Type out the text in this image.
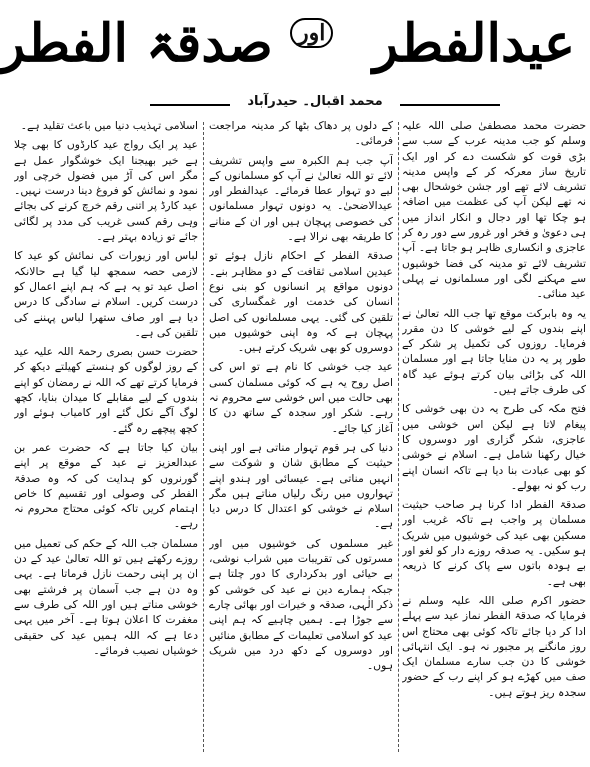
عیدالفطر  صدقۃ الفطر	اور
محمد اقبال۔ حیدرآباد

حضرت محمد مصطفیٰ صلی اللہ علیہ وسلم کو جب مدینہ عرب کے سب سے بڑی قوت کو شکست دے کر اور ایک تاریخ ساز معرکہ کر کے واپس مدینہ تشریف لائے تھے اور جشن خوشحال بھی نہ تھے لیکن آپ کی عظمت میں اضافہ ہو چکا تھا اور دجال و انکار انداز میں ہی دعویٰ و فخر اور غرور سے دور رہ کر عاجزی و انکساری ظاہر ہو جاتا ہے۔ آپ تشریف لائے تو مدینہ کی فضا خوشیوں سے مہکنے لگی اور مسلمانوں نے پہلی عید منائی۔

یہ وہ بابرکت موقع تھا جب اللہ تعالیٰ نے اپنے بندوں کے لیے خوشی کا دن مقرر فرمایا۔ روزوں کی تکمیل پر شکر کے طور پر یہ دن منایا جاتا ہے اور مسلمان اللہ کی بڑائی بیان کرتے ہوئے عید گاہ کی طرف جاتے ہیں۔

فتح مکہ کی طرح یہ دن بھی خوشی کا پیغام لاتا ہے لیکن اس خوشی میں عاجزی، شکر گزاری اور دوسروں کا خیال رکھنا شامل ہے۔ اسلام نے خوشی کو بھی عبادت بنا دیا ہے تاکہ انسان اپنے رب کو نہ بھولے۔

صدقۃ الفطر ادا کرنا ہر صاحب حیثیت مسلمان پر واجب ہے تاکہ غریب اور مسکین بھی عید کی خوشیوں میں شریک ہو سکیں۔ یہ صدقہ روزے دار کو لغو اور بے ہودہ باتوں سے پاک کرنے کا ذریعہ بھی ہے۔

حضور اکرم صلی اللہ علیہ وسلم نے فرمایا کہ صدقۃ الفطر نماز عید سے پہلے ادا کر دیا جائے تاکہ کوئی بھی محتاج اس روز مانگنے پر مجبور نہ ہو۔ ایک انتہائی خوشی کا دن جب سارے مسلمان ایک صف میں کھڑے ہو کر اپنے رب کے حضور سجدہ ریز ہوتے ہیں۔

کے دلوں پر دھاک بٹھا کر مدینہ مراجعت فرمائی۔

آپ جب ہم الکبرہ سے واپس تشریف لائے تو اللہ تعالیٰ نے آپ کو مسلمانوں کے لیے دو تہوار عطا فرمائے۔ عیدالفطر اور عیدالاضحیٰ۔ یہ دونوں تہوار مسلمانوں کی خصوصی پہچان ہیں اور ان کے منانے کا طریقہ بھی نرالا ہے۔

صدقۃ الفطر کے احکام نازل ہوئے تو عیدین اسلامی ثقافت کے دو مظاہر بنے۔ دونوں مواقع پر انسانوں کو بنی نوع انسان کی خدمت اور غمگساری کی تلقین کی گئی۔ یہی مسلمانوں کی اصل پہچان ہے کہ وہ اپنی خوشیوں میں دوسروں کو بھی شریک کرتے ہیں۔

عید جب خوشی کا نام ہے تو اس کی اصل روح یہ ہے کہ کوئی مسلمان کسی بھی حالت میں اس خوشی سے محروم نہ رہے۔ شکر اور سجدہ کے ساتھ دن کا آغاز کیا جائے۔

دنیا کی ہر قوم تہوار مناتی ہے اور اپنی حیثیت کے مطابق شان و شوکت سے انہیں مناتی ہے۔ عیسائی اور ہندو اپنے تہواروں میں رنگ رلیاں مناتے ہیں مگر اسلام نے خوشی کو اعتدال کا درس دیا ہے۔

غیر مسلموں کی خوشیوں میں اور مسرتوں کی تقریبات میں شراب نوشی، بے حیائی اور بدکرداری کا دور چلتا ہے جبکہ ہمارے دین نے عید کی خوشی کو ذکر الٰہی، صدقہ و خیرات اور بھائی چارے سے جوڑا ہے۔ ہمیں چاہیے کہ ہم اپنی عید کو اسلامی تعلیمات کے مطابق منائیں اور دوسروں کے دکھ درد میں شریک ہوں۔

اسلامی تہذیب دنیا میں باعث تقلید ہے۔

عید پر ایک رواج عید کارڈوں کا بھی چلا ہے خیر بھیجنا ایک خوشگوار عمل ہے مگر اس کی آڑ میں فضول خرچی اور نمود و نمائش کو فروغ دینا درست نہیں۔ عید کارڈ پر اتنی رقم خرچ کرنے کی بجائے وہی رقم کسی غریب کی مدد پر لگائی جائے تو زیادہ بہتر ہے۔

لباس اور زیورات کی نمائش کو عید کا لازمی حصہ سمجھ لیا گیا ہے حالانکہ اصل عید تو یہ ہے کہ ہم اپنے اعمال کو درست کریں۔ اسلام نے سادگی کا درس دیا ہے اور صاف ستھرا لباس پہننے کی تلقین کی ہے۔

حضرت حسن بصری رحمۃ اللہ علیہ عید کے روز لوگوں کو ہنستے کھیلتے دیکھ کر فرمایا کرتے تھے کہ اللہ نے رمضان کو اپنے بندوں کے لیے مقابلے کا میدان بنایا، کچھ لوگ آگے نکل گئے اور کامیاب ہوئے اور کچھ پیچھے رہ گئے۔

بیان کیا جاتا ہے کہ حضرت عمر بن عبدالعزیز نے عید کے موقع پر اپنے گورنروں کو ہدایت کی کہ وہ صدقۃ الفطر کی وصولی اور تقسیم کا خاص اہتمام کریں تاکہ کوئی محتاج محروم نہ رہے۔

مسلمان جب اللہ کے حکم کی تعمیل میں روزے رکھتے ہیں تو اللہ تعالیٰ عید کے دن ان پر اپنی رحمت نازل فرماتا ہے۔ یہی وہ دن ہے جب آسمان پر فرشتے بھی خوشی مناتے ہیں اور اللہ کی طرف سے مغفرت کا اعلان ہوتا ہے۔ آخر میں یہی دعا ہے کہ اللہ ہمیں عید کی حقیقی خوشیاں نصیب فرمائے۔
